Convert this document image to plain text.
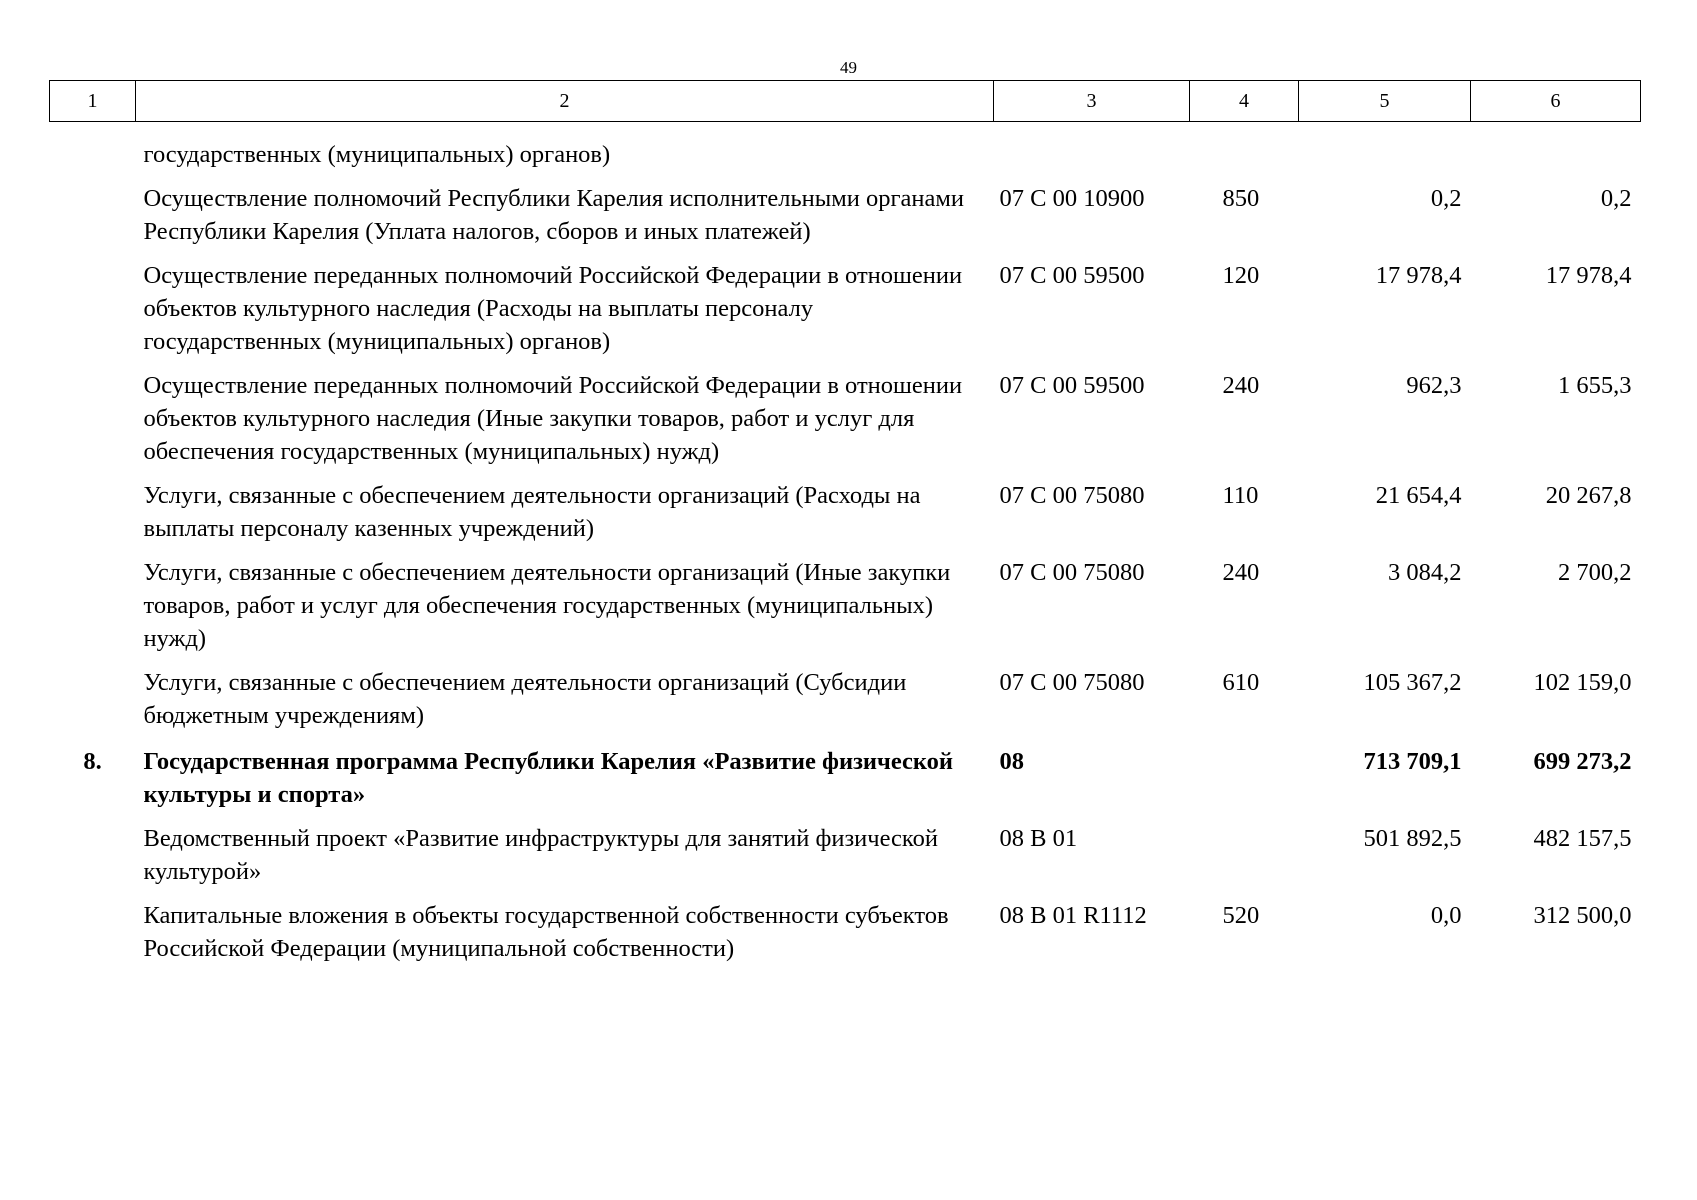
49
1	2	3	4	5	6
	государственных (муниципальных) органов)				
	Осуществление полномочий Республики Карелия исполнительными органами Республики Карелия (Уплата налогов, сборов и иных платежей)	07 С 00 10900	850	0,2	0,2
	Осуществление переданных полномочий Российской Федерации в отношении объектов культурного наследия (Расходы на выплаты персоналу государственных (муниципальных) органов)	07 С 00 59500	120	17 978,4	17 978,4
	Осуществление переданных полномочий Российской Федерации в отношении объектов культурного наследия (Иные закупки товаров, работ и услуг для обеспечения государственных (муниципальных) нужд)	07 С 00 59500	240	962,3	1 655,3
	Услуги, связанные с обеспечением деятельности организаций (Расходы на выплаты персоналу казенных учреждений)	07 С 00 75080	110	21 654,4	20 267,8
	Услуги, связанные с обеспечением деятельности организаций (Иные закупки товаров, работ и услуг для обеспечения государственных (муниципальных) нужд)	07 С 00 75080	240	3 084,2	2 700,2
	Услуги, связанные с обеспечением деятельности организаций (Субсидии бюджетным учреждениям)	07 С 00 75080	610	105 367,2	102 159,0
8.	Государственная программа Республики Карелия «Развитие физической культуры и спорта»	08		713 709,1	699 273,2
	Ведомственный проект «Развитие инфраструктуры для занятий физической культурой»	08 В 01		501 892,5	482 157,5
	Капитальные вложения в объекты государственной собственности субъектов Российской Федерации (муниципальной собственности)	08 В 01 R1112	520	0,0	312 500,0
